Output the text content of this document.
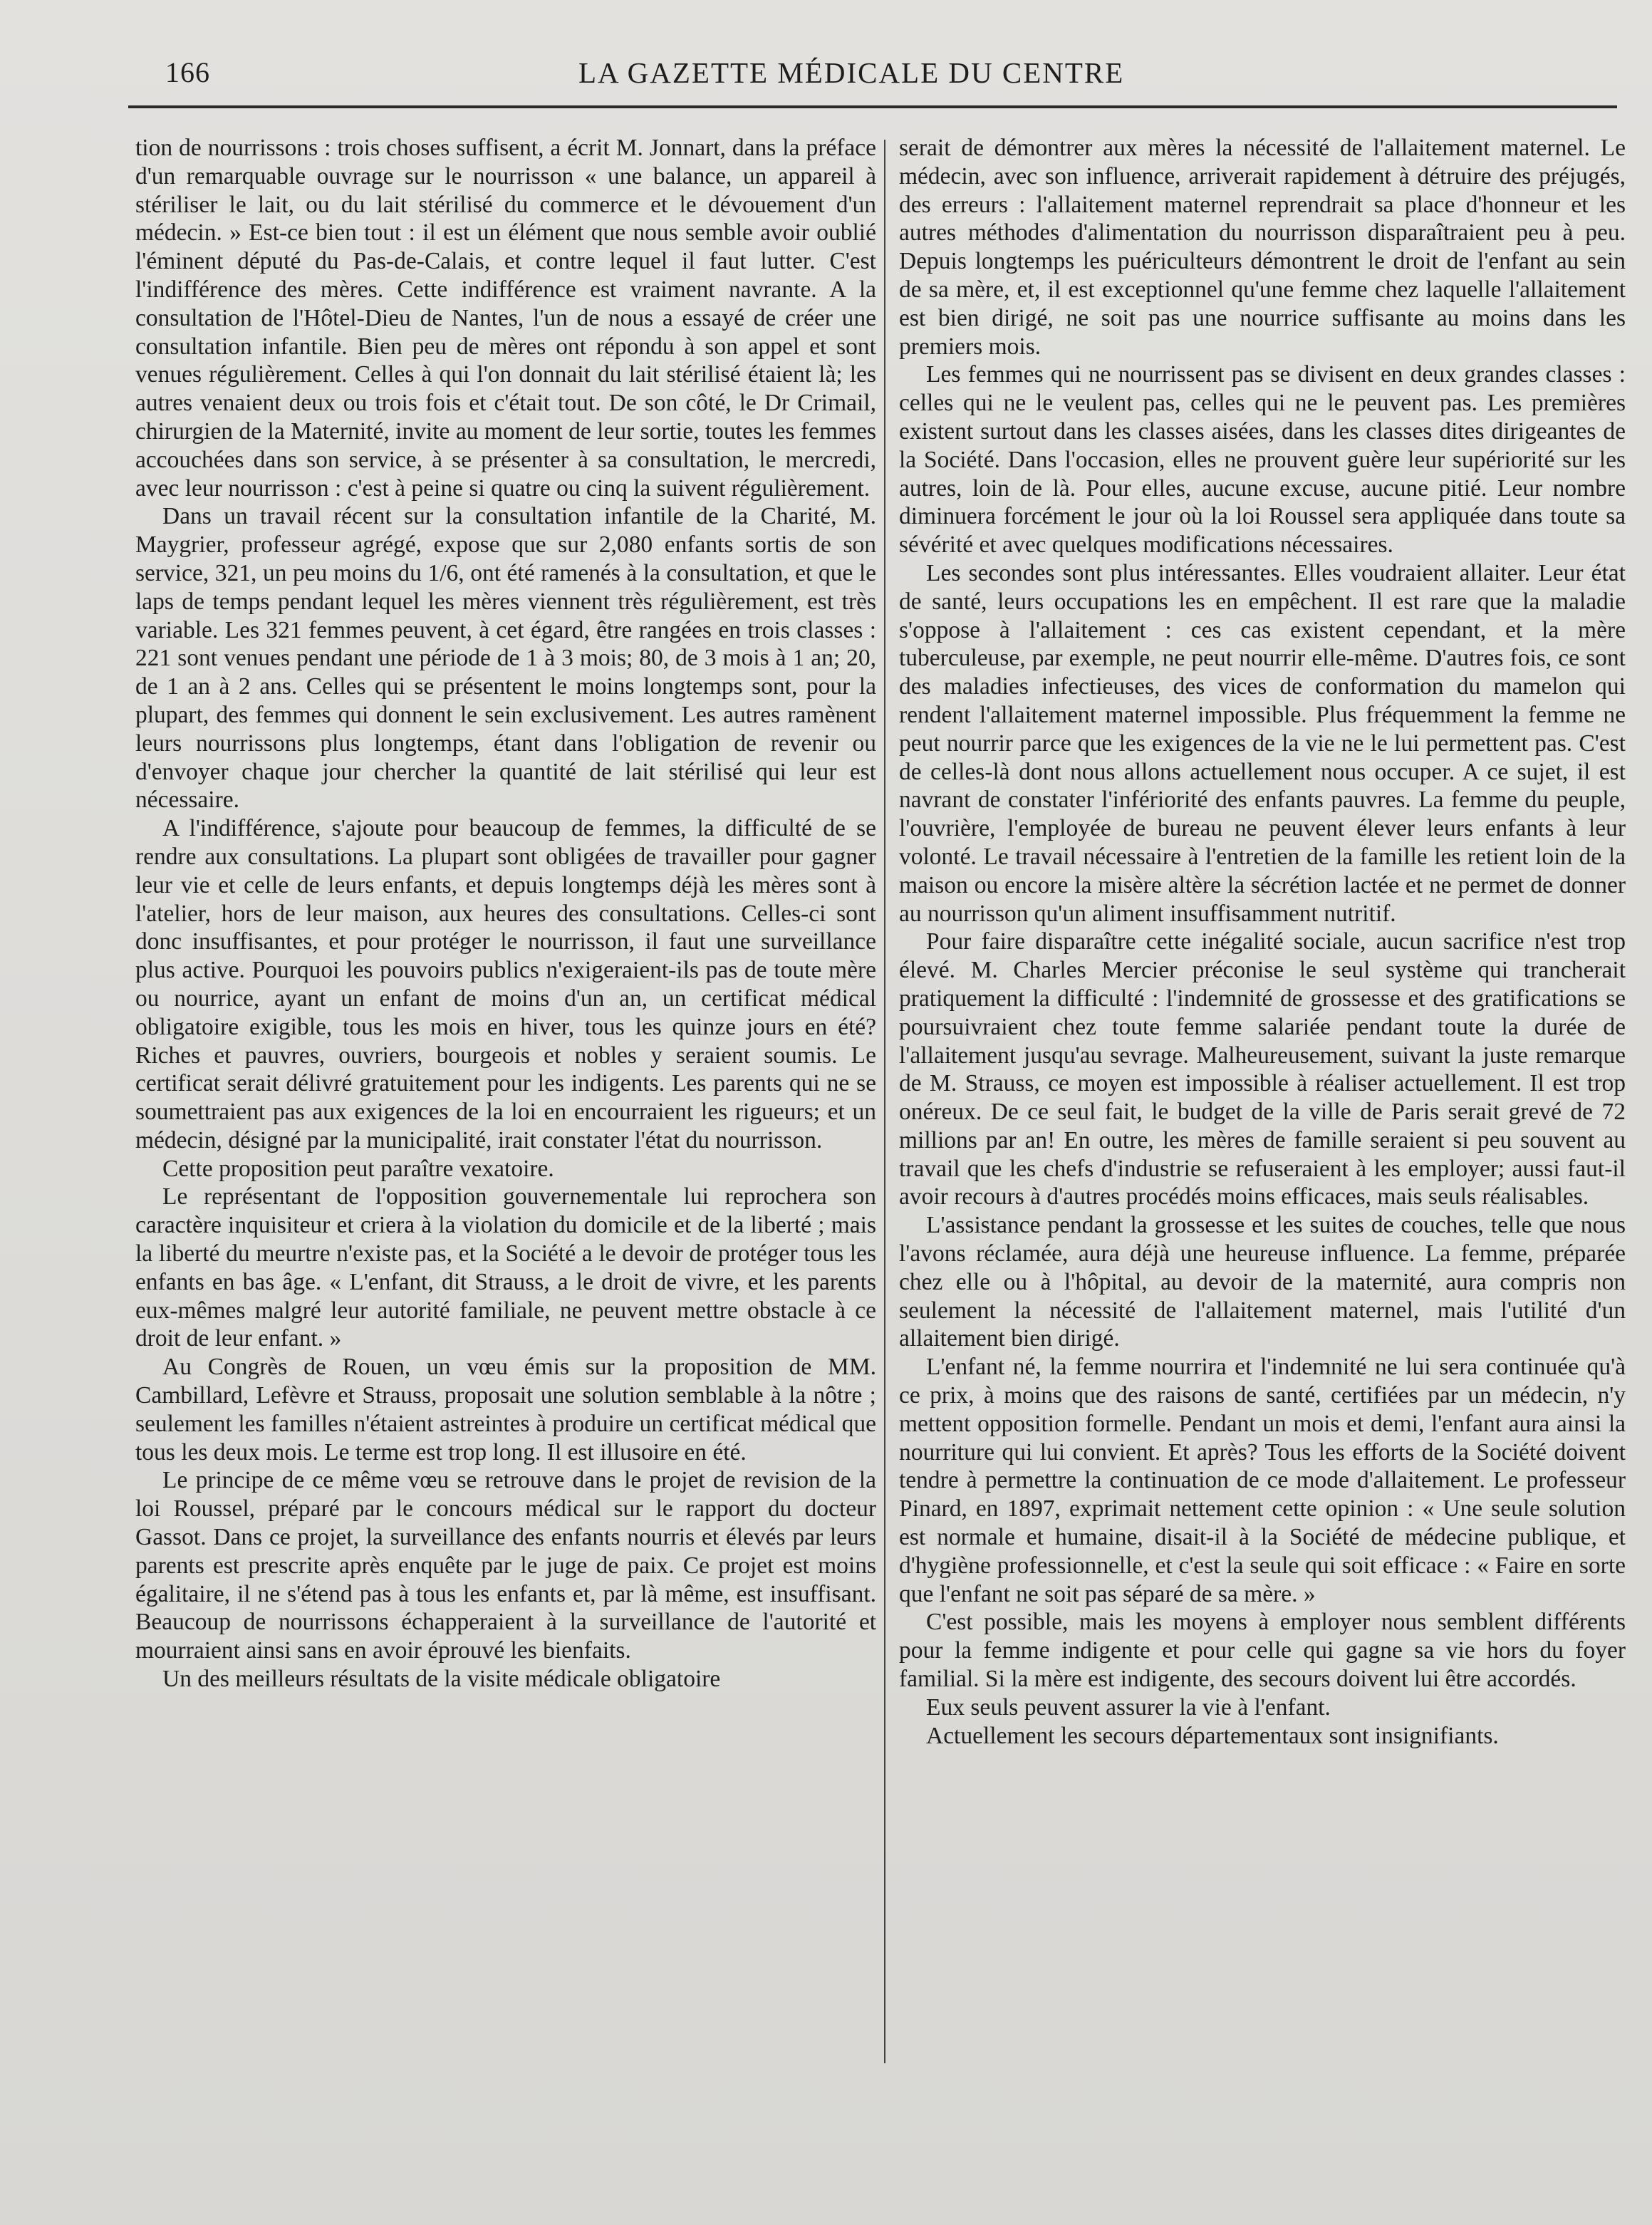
166	LA GAZETTE MÉDICALE DU CENTRE

tion de nourrissons : trois choses suffisent, a écrit M. Jonnart, dans la préface d'un remarquable ouvrage sur le nourrisson « une balance, un appareil à stériliser le lait, ou du lait stérilisé du commerce et le dévouement d'un médecin. » Est-ce bien tout : il est un élément que nous semble avoir oublié l'éminent député du Pas-de-Calais, et contre lequel il faut lutter. C'est l'indifférence des mères. Cette indifférence est vraiment navrante. A la consultation de l'Hôtel-Dieu de Nantes, l'un de nous a essayé de créer une consultation infantile. Bien peu de mères ont répondu à son appel et sont venues régulièrement. Celles à qui l'on donnait du lait stérilisé étaient là; les autres venaient deux ou trois fois et c'était tout. De son côté, le Dr Crimail, chirurgien de la Maternité, invite au moment de leur sortie, toutes les femmes accouchées dans son service, à se présenter à sa consultation, le mercredi, avec leur nourrisson : c'est à peine si quatre ou cinq la suivent régulièrement.

Dans un travail récent sur la consultation infantile de la Charité, M. Maygrier, professeur agrégé, expose que sur 2,080 enfants sortis de son service, 321, un peu moins du 1/6, ont été ramenés à la consultation, et que le laps de temps pendant lequel les mères viennent très régulièrement, est très variable. Les 321 femmes peuvent, à cet égard, être rangées en trois classes : 221 sont venues pendant une période de 1 à 3 mois; 80, de 3 mois à 1 an; 20, de 1 an à 2 ans. Celles qui se présentent le moins longtemps sont, pour la plupart, des femmes qui donnent le sein exclusivement. Les autres ramènent leurs nourrissons plus longtemps, étant dans l'obligation de revenir ou d'envoyer chaque jour chercher la quantité de lait stérilisé qui leur est nécessaire.

A l'indifférence, s'ajoute pour beaucoup de femmes, la difficulté de se rendre aux consultations. La plupart sont obligées de travailler pour gagner leur vie et celle de leurs enfants, et depuis longtemps déjà les mères sont à l'atelier, hors de leur maison, aux heures des consultations. Celles-ci sont donc insuffisantes, et pour protéger le nourrisson, il faut une surveillance plus active. Pourquoi les pouvoirs publics n'exigeraient-ils pas de toute mère ou nourrice, ayant un enfant de moins d'un an, un certificat médical obligatoire exigible, tous les mois en hiver, tous les quinze jours en été? Riches et pauvres, ouvriers, bourgeois et nobles y seraient soumis. Le certificat serait délivré gratuitement pour les indigents. Les parents qui ne se soumettraient pas aux exigences de la loi en encourraient les rigueurs; et un médecin, désigné par la municipalité, irait constater l'état du nourrisson.

Cette proposition peut paraître vexatoire.

Le représentant de l'opposition gouvernementale lui reprochera son caractère inquisiteur et criera à la violation du domicile et de la liberté ; mais la liberté du meurtre n'existe pas, et la Société a le devoir de protéger tous les enfants en bas âge. « L'enfant, dit Strauss, a le droit de vivre, et les parents eux-mêmes malgré leur autorité familiale, ne peuvent mettre obstacle à ce droit de leur enfant. »

Au Congrès de Rouen, un vœu émis sur la proposition de MM. Cambillard, Lefèvre et Strauss, proposait une solution semblable à la nôtre ; seulement les familles n'étaient astreintes à produire un certificat médical que tous les deux mois. Le terme est trop long. Il est illusoire en été.

Le principe de ce même vœu se retrouve dans le projet de revision de la loi Roussel, préparé par le concours médical sur le rapport du docteur Gassot. Dans ce projet, la surveillance des enfants nourris et élevés par leurs parents est prescrite après enquête par le juge de paix. Ce projet est moins égalitaire, il ne s'étend pas à tous les enfants et, par là même, est insuffisant. Beaucoup de nourrissons échapperaient à la surveillance de l'autorité et mourraient ainsi sans en avoir éprouvé les bienfaits.

Un des meilleurs résultats de la visite médicale obligatoire

serait de démontrer aux mères la nécessité de l'allaitement maternel. Le médecin, avec son influence, arriverait rapidement à détruire des préjugés, des erreurs : l'allaitement maternel reprendrait sa place d'honneur et les autres méthodes d'alimentation du nourrisson disparaîtraient peu à peu. Depuis longtemps les puériculteurs démontrent le droit de l'enfant au sein de sa mère, et, il est exceptionnel qu'une femme chez laquelle l'allaitement est bien dirigé, ne soit pas une nourrice suffisante au moins dans les premiers mois.

Les femmes qui ne nourrissent pas se divisent en deux grandes classes : celles qui ne le veulent pas, celles qui ne le peuvent pas. Les premières existent surtout dans les classes aisées, dans les classes dites dirigeantes de la Société. Dans l'occasion, elles ne prouvent guère leur supériorité sur les autres, loin de là. Pour elles, aucune excuse, aucune pitié. Leur nombre diminuera forcément le jour où la loi Roussel sera appliquée dans toute sa sévérité et avec quelques modifications nécessaires.

Les secondes sont plus intéressantes. Elles voudraient allaiter. Leur état de santé, leurs occupations les en empêchent. Il est rare que la maladie s'oppose à l'allaitement : ces cas existent cependant, et la mère tuberculeuse, par exemple, ne peut nourrir elle-même. D'autres fois, ce sont des maladies infectieuses, des vices de conformation du mamelon qui rendent l'allaitement maternel impossible. Plus fréquemment la femme ne peut nourrir parce que les exigences de la vie ne le lui permettent pas. C'est de celles-là dont nous allons actuellement nous occuper. A ce sujet, il est navrant de constater l'infériorité des enfants pauvres. La femme du peuple, l'ouvrière, l'employée de bureau ne peuvent élever leurs enfants à leur volonté. Le travail nécessaire à l'entretien de la famille les retient loin de la maison ou encore la misère altère la sécrétion lactée et ne permet de donner au nourrisson qu'un aliment insuffisamment nutritif.

Pour faire disparaître cette inégalité sociale, aucun sacrifice n'est trop élevé. M. Charles Mercier préconise le seul système qui trancherait pratiquement la difficulté : l'indemnité de grossesse et des gratifications se poursuivraient chez toute femme salariée pendant toute la durée de l'allaitement jusqu'au sevrage. Malheureusement, suivant la juste remarque de M. Strauss, ce moyen est impossible à réaliser actuellement. Il est trop onéreux. De ce seul fait, le budget de la ville de Paris serait grevé de 72 millions par an! En outre, les mères de famille seraient si peu souvent au travail que les chefs d'industrie se refuseraient à les employer; aussi faut-il avoir recours à d'autres procédés moins efficaces, mais seuls réalisables.

L'assistance pendant la grossesse et les suites de couches, telle que nous l'avons réclamée, aura déjà une heureuse influence. La femme, préparée chez elle ou à l'hôpital, au devoir de la maternité, aura compris non seulement la nécessité de l'allaitement maternel, mais l'utilité d'un allaitement bien dirigé.

L'enfant né, la femme nourrira et l'indemnité ne lui sera continuée qu'à ce prix, à moins que des raisons de santé, certifiées par un médecin, n'y mettent opposition formelle. Pendant un mois et demi, l'enfant aura ainsi la nourriture qui lui convient. Et après? Tous les efforts de la Société doivent tendre à permettre la continuation de ce mode d'allaitement. Le professeur Pinard, en 1897, exprimait nettement cette opinion : « Une seule solution est normale et humaine, disait-il à la Société de médecine publique, et d'hygiène professionnelle, et c'est la seule qui soit efficace : « Faire en sorte que l'enfant ne soit pas séparé de sa mère. »

C'est possible, mais les moyens à employer nous semblent différents pour la femme indigente et pour celle qui gagne sa vie hors du foyer familial. Si la mère est indigente, des secours doivent lui être accordés.

Eux seuls peuvent assurer la vie à l'enfant.

Actuellement les secours départementaux sont insignifiants.
